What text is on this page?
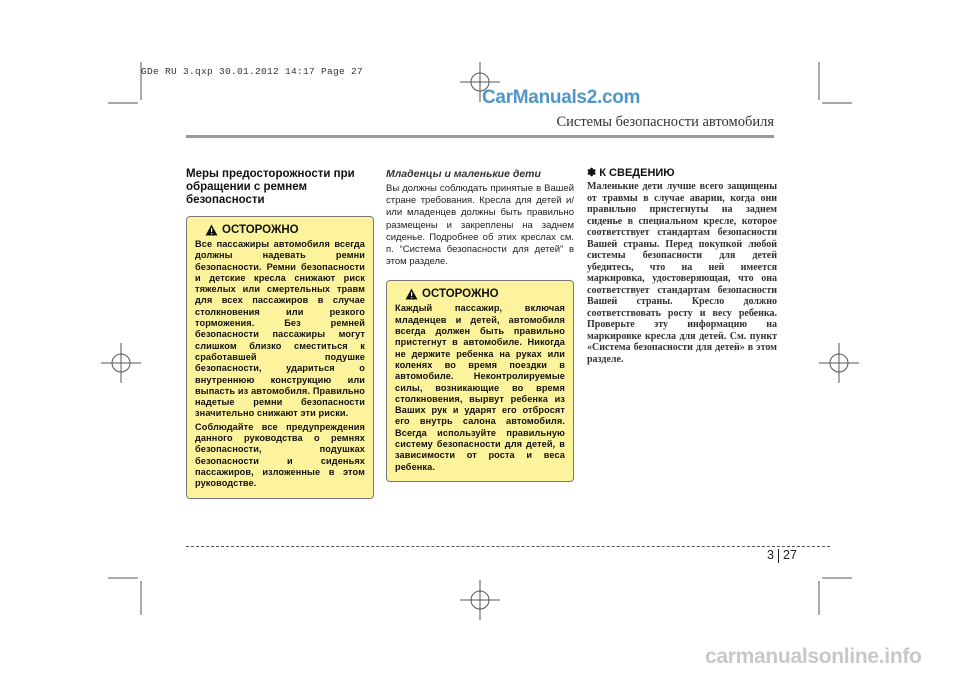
GDe RU 3.qxp 30.01.2012 14:17 Page 27
CarManuals2.com
Системы безопасности автомобиля
Меры предосторожности при обращении с ремнем безопасности
ОСТОРОЖНО

Все пассажиры автомобиля всегда должны надевать ремни безопасности. Ремни безопасности и детские кресла снижают риск тяжелых или смертельных травм для всех пассажиров в случае столкновения или резкого торможения. Без ремней безопасности пассажиры могут слишком близко сместиться к сработавшей подушке безопасности, удариться о внутреннюю конструкцию или выпасть из автомобиля. Правильно надетые ремни безопасности значительно снижают эти риски.

Соблюдайте все предупреждения данного руководства о ремнях безопасности, подушках безопасности и сиденьях пассажиров, изложенные в этом руководстве.

Младенцы и маленькие дети

Вы должны соблюдать принятые в Вашей стране требования. Кресла для детей и/или младенцев должны быть правильно размещены и закреплены на заднем сиденье. Подробнее об этих креслах см. п. “Система безопасности для детей” в этом разделе.

ОСТОРОЖНО

Каждый пассажир, включая младенцев и детей, автомобиля всегда должен быть правильно пристегнут в автомобиле. Никогда не держите ребенка на руках или коленях во время поездки в автомобиле. Неконтролируемые силы, возникающие во время столкновения, вырвут ребенка из Ваших рук и ударят его отбросят его внутрь салона автомобиля. Всегда используйте правильную систему безопасности для детей, в зависимости от роста и веса ребенка.

✽ К СВЕДЕНИЮ

Маленькие дети лучше всего защищены от травмы в случае аварии, когда они правильно пристегнуты на заднем сиденье в специальном кресле, которое соответствует стандартам безопасности Вашей страны. Перед покупкой любой системы безопасности для детей убедитесь, что на ней имеется маркировка, удостоверяющая, что она соответствует стандартам безопасности Вашей страны. Кресло должно соответствовать росту и весу ребенка. Проверьте эту информацию на маркировке кресла для детей. См. пункт «Система безопасности для детей» в этом разделе.

3 27
carmanualsonline.info
